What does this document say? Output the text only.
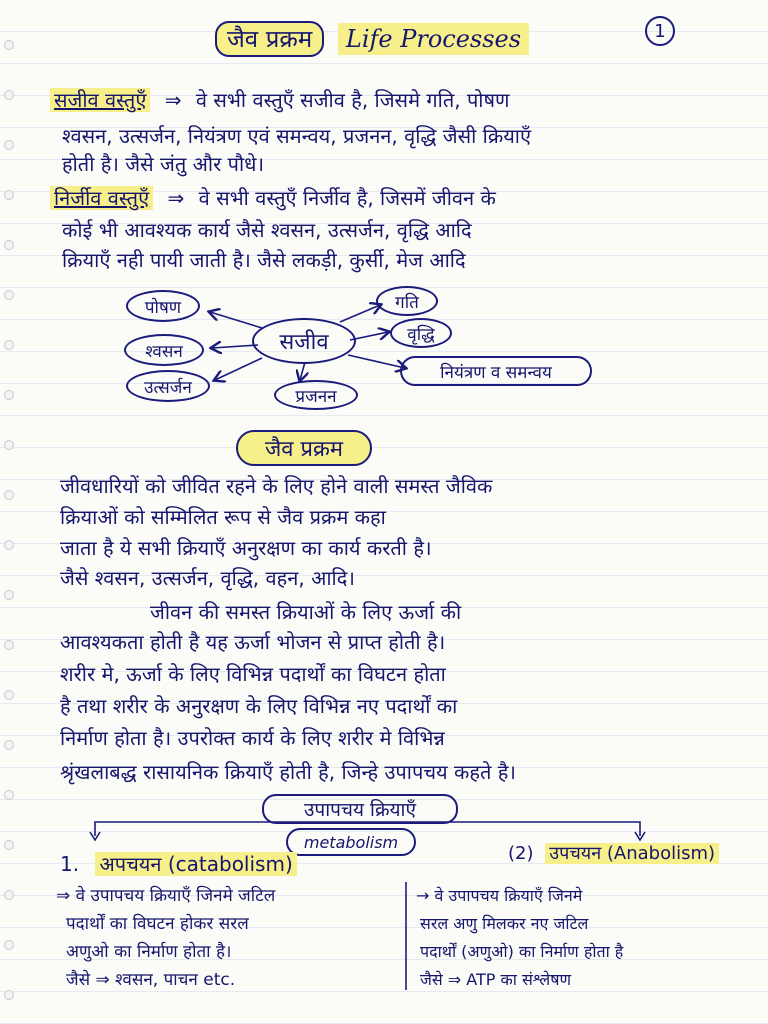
जैव प्रक्रम Life Processes	1
सजीव वस्तुएँ ⇒ वे सभी वस्तुएँ सजीव है, जिसमे गति, पोषण
श्वसन, उत्सर्जन, नियंत्रण एवं समन्वय, प्रजनन, वृद्धि जैसी क्रियाएँ
होती है। जैसे जंतु और पौधे।
निर्जीव वस्तुएँ ⇒ वे सभी वस्तुएँ निर्जीव है, जिसमें जीवन के
कोई भी आवश्यक कार्य जैसे श्वसन, उत्सर्जन, वृद्धि आदि
क्रियाएँ नही पायी जाती है। जैसे लकड़ी, कुर्सी, मेज आदि
सजीव
पोषण
श्वसन
उत्सर्जन	प्रजनन
गति
वृद्धि
नियंत्रण व समन्वय
जैव प्रक्रम
जीवधारियों को जीवित रहने के लिए होने वाली समस्त जैविक
क्रियाओं को सम्मिलित रूप से जैव प्रक्रम कहा
जाता है ये सभी क्रियाएँ अनुरक्षण का कार्य करती है।
जैसे श्वसन, उत्सर्जन, वृद्धि, वहन, आदि।
जीवन की समस्त क्रियाओं के लिए ऊर्जा की
आवश्यकता होती है यह ऊर्जा भोजन से प्राप्त होती है।
शरीर मे, ऊर्जा के लिए विभिन्न पदार्थों का विघटन होता
है तथा शरीर के अनुरक्षण के लिए विभिन्न नए पदार्थों का
निर्माण होता है। उपरोक्त कार्य के लिए शरीर मे विभिन्न
श्रृंखलाबद्ध रासायनिक क्रियाएँ होती है, जिन्हे उपापचय कहते है।
उपापचय क्रियाएँ
metabolism
1. अपचयन (catabolism)
⇒ वे उपापचय क्रियाएँ जिनमे जटिल
पदार्थों का विघटन होकर सरल
अणुओ का निर्माण होता है।
जैसे ⇒ श्वसन, पाचन etc.
(2) उपचयन (Anabolism)
→ वे उपापचय क्रियाएँ जिनमे
सरल अणु मिलकर नए जटिल
पदार्थों (अणुओ) का निर्माण होता है
जैसे ⇒ ATP का संश्लेषण
